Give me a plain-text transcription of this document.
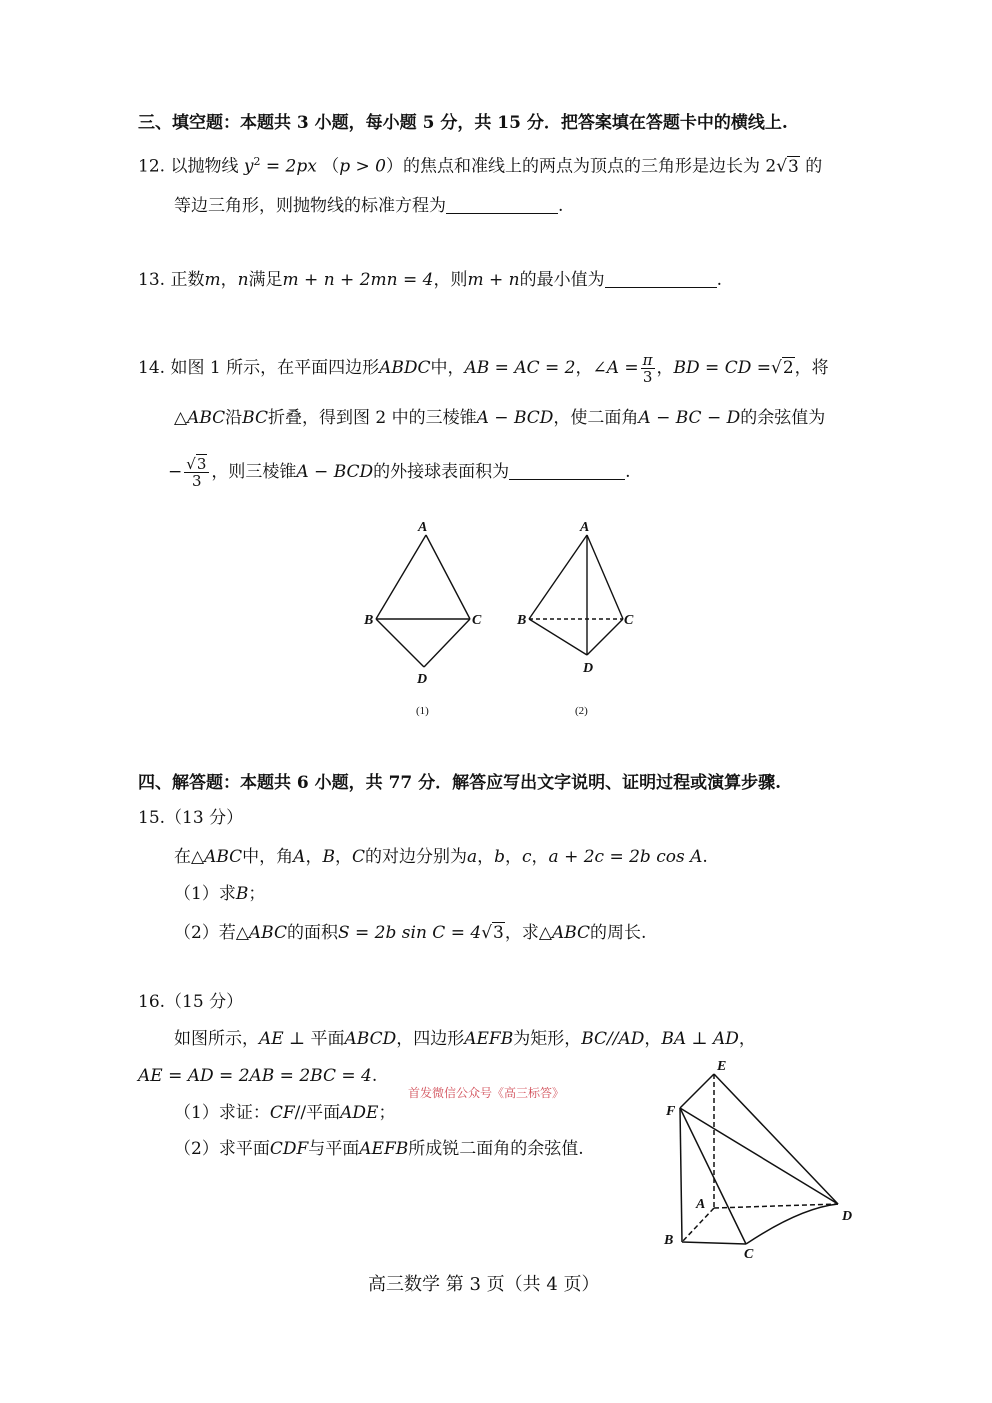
三、填空题：本题共 3 小题，每小题 5 分，共 15 分．把答案填在答题卡中的横线上.
12. 以抛物线 $y^2 = 2px$ （p > 0）的焦点和准线上的两点为顶点的三角形是边长为 2√3 的
等边三角形，则抛物线的标准方程为	.
13. 正数m，n满足m + n + 2mn = 4，则m + n的最小值为	.
14. 如图 1 所示，在平面四边形ABDC中，AB = AC = 2，∠A = $\frac{\pi}{3}$ ，BD = CD =√2，将
△ABC沿BC折叠，得到图 2 中的三棱锥A − BCD，使二面角A − BC − D的余弦值为
− $\frac{√3}{3}$ ，则三棱锥A − BCD的外接球表面积为	.
A
B	C
D
(1)
A
B	C
D
(2)
四、解答题：本题共 6 小题，共 77 分．解答应写出文字说明、证明过程或演算步骤.
15.（13 分）
在△ABC中，角A，B，C的对边分别为a，b，c，a + 2c = 2b cos A.
（1）求B；
（2）若△ABC的面积S = 2b sin C = 4√3，求△ABC的周长.
16.（15 分）
如图所示，AE ⊥ 平面ABCD，四边形AEFB为矩形，BC//AD，BA ⊥ AD，
AE = AD = 2AB = 2BC = 4.
首发微信公众号《高三标答》
（1）求证：CF//平面ADE；
（2）求平面CDF与平面AEFB所成锐二面角的余弦值.
E
F
A
B
C
D
高三数学 第 3 页（共 4 页）
